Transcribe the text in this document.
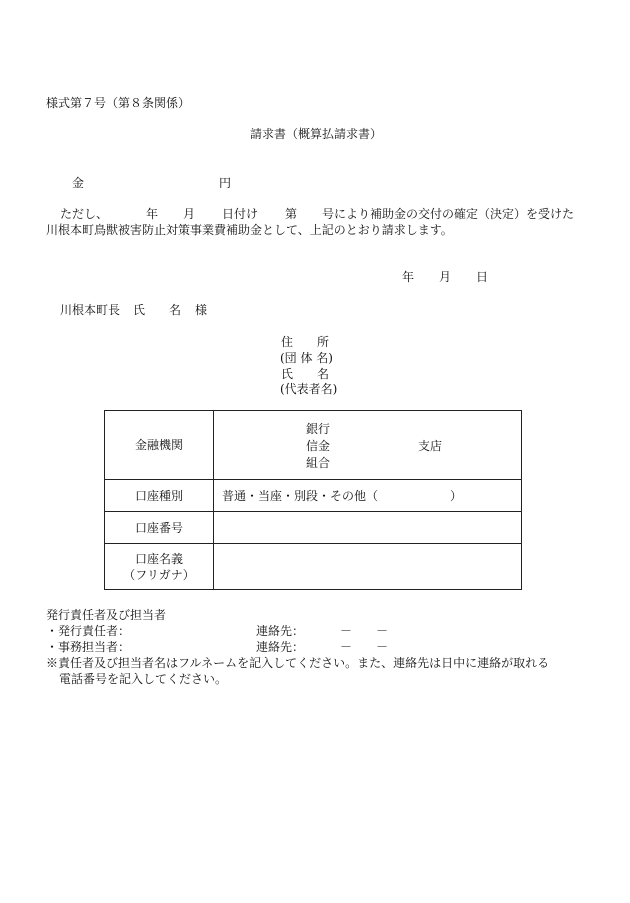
様式第７号（第８条関係）
請求書（概算払請求書）
金	円
ただし、	年 月 日付け 第 号により補助金の交付の確定（決定）を受けた
川根本町鳥獣被害防止対策事業費補助金として、上記のとおり請求します。
年 月 日
川根本町長 氏 名 様
住 所
(団 体 名)
氏 名
(代表者名)
金融機関	銀行
信金
組合
支店

口座種別	普通・当座・別段・その他（　　　　　　）
口座番号	

口座名義
（フリガナ）	

発行責任者及び担当者
・発行責任者：	連絡先：	－ －
・事務担当者：	連絡先：	－ －
※責任者及び担当者名はフルネームを記入してください。また、連絡先は日中に連絡が取れる
電話番号を記入してください。
